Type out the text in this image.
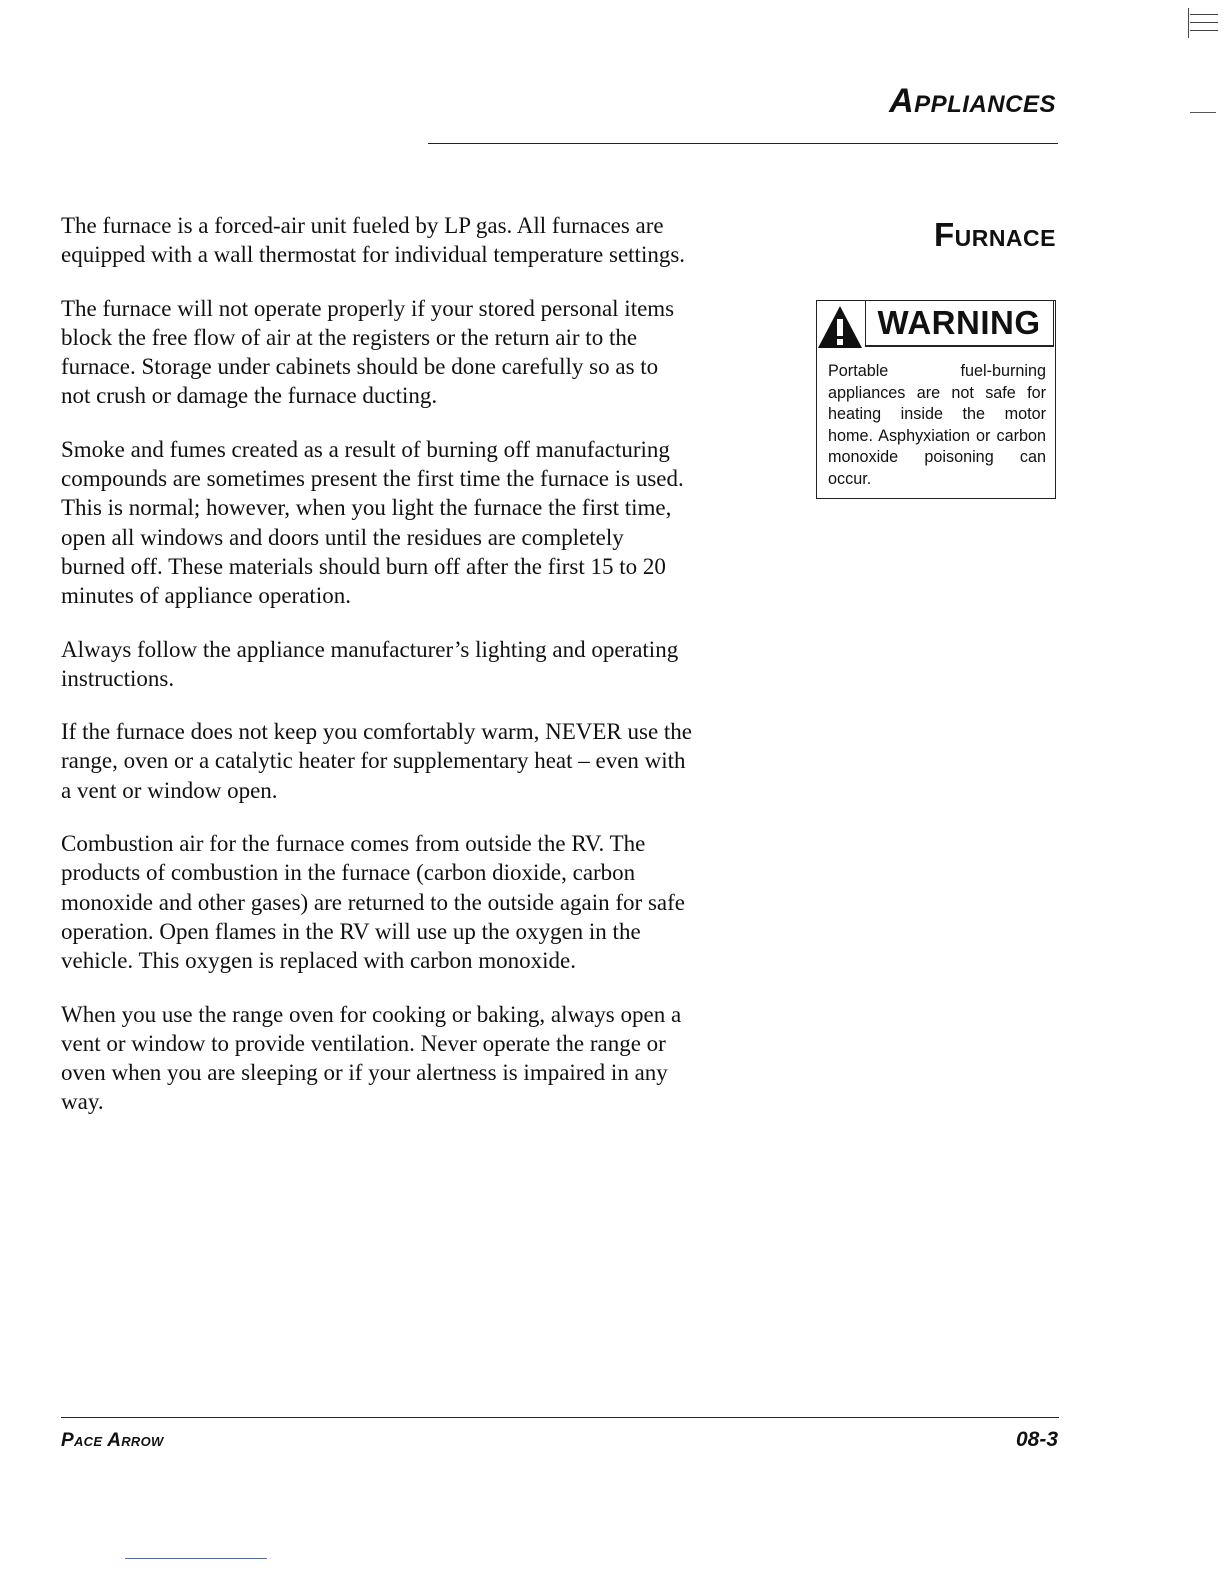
Appliances

The furnace is a forced-air unit fueled by LP gas. All furnaces are equipped with a wall thermostat for individual temperature settings.

The furnace will not operate properly if your stored personal items block the free flow of air at the registers or the return air to the furnace. Storage under cabinets should be done carefully so as to not crush or damage the furnace ducting.

Smoke and fumes created as a result of burning off manufacturing compounds are sometimes present the first time the furnace is used. This is normal; however, when you light the furnace the first time, open all windows and doors until the residues are completely burned off. These materials should burn off after the first 15 to 20 minutes of appliance operation.

Always follow the appliance manufacturer’s lighting and operating instructions.

If the furnace does not keep you comfortably warm, NEVER use the range, oven or a catalytic heater for supplementary heat – even with a vent or window open.

Combustion air for the furnace comes from outside the RV. The products of combustion in the furnace (carbon dioxide, carbon monoxide and other gases) are returned to the outside again for safe operation. Open flames in the RV will use up the oxygen in the vehicle. This oxygen is replaced with carbon monoxide.

When you use the range oven for cooking or baking, always open a vent or window to provide ventilation. Never operate the range or oven when you are sleeping or if your alertness is impaired in any way.

Furnace
WARNING

Portable fuel-burning appliances are not safe for heating inside the motor home. Asphyxiation or carbon monoxide poisoning can occur.

Pace Arrow	08-3
